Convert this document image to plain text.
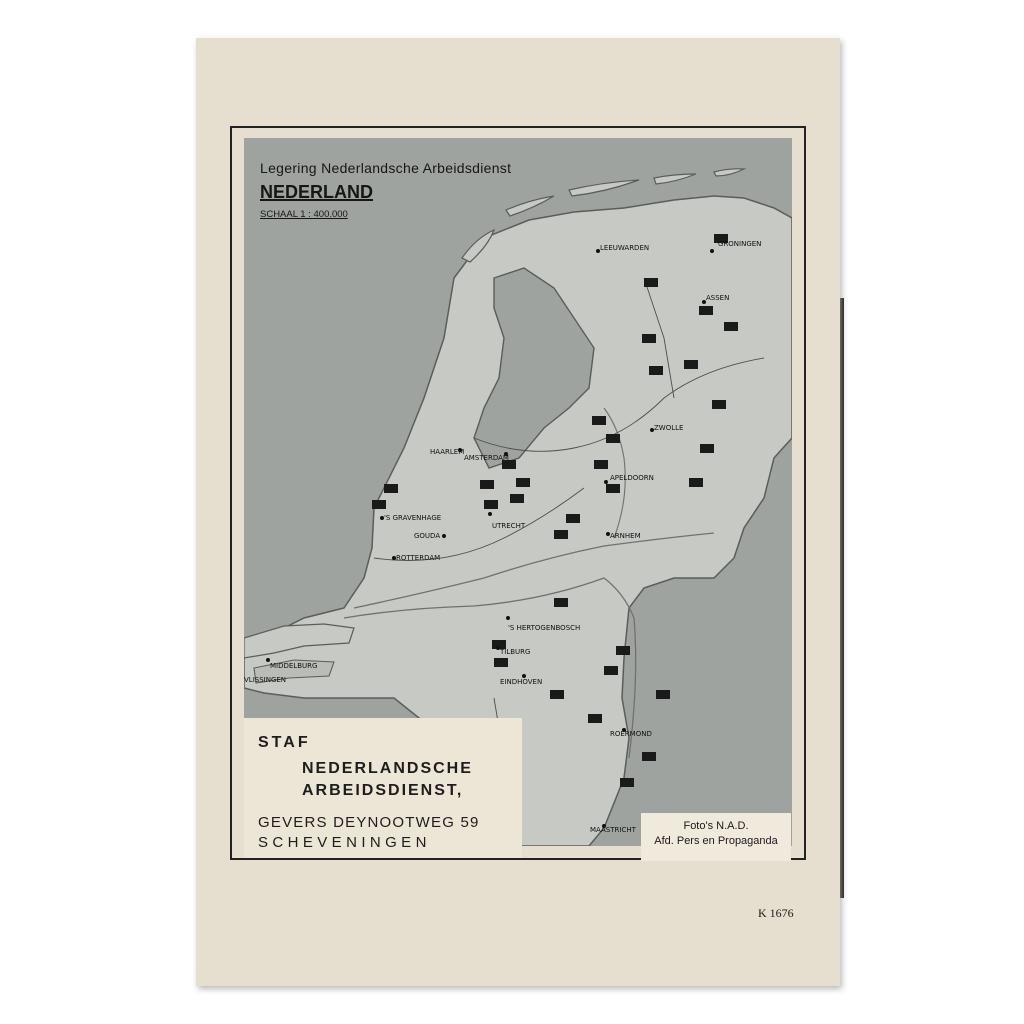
Legering Nederlandsche Arbeidsdienst
NEDERLAND
SCHAAL 1 : 400.000
LEEUWARDEN	GRONINGEN
ASSEN
ZWOLLE
HAARLEM
AMSTERDAM
'S GRAVENHAGE
UTRECHT
APELDOORN
GOUDA	ARNHEM
ROTTERDAM
'S HERTOGENBOSCH
MIDDELBURG
VLISSINGEN
TILBURG
EINDHOVEN
ROERMOND
MAASTRICHT
STAF
NEDERLANDSCHE
ARBEIDSDIENST,
GEVERS DEYNOOTWEG 59
SCHEVENINGEN
Foto's N.A.D.
Afd. Pers en Propaganda
K 1676
